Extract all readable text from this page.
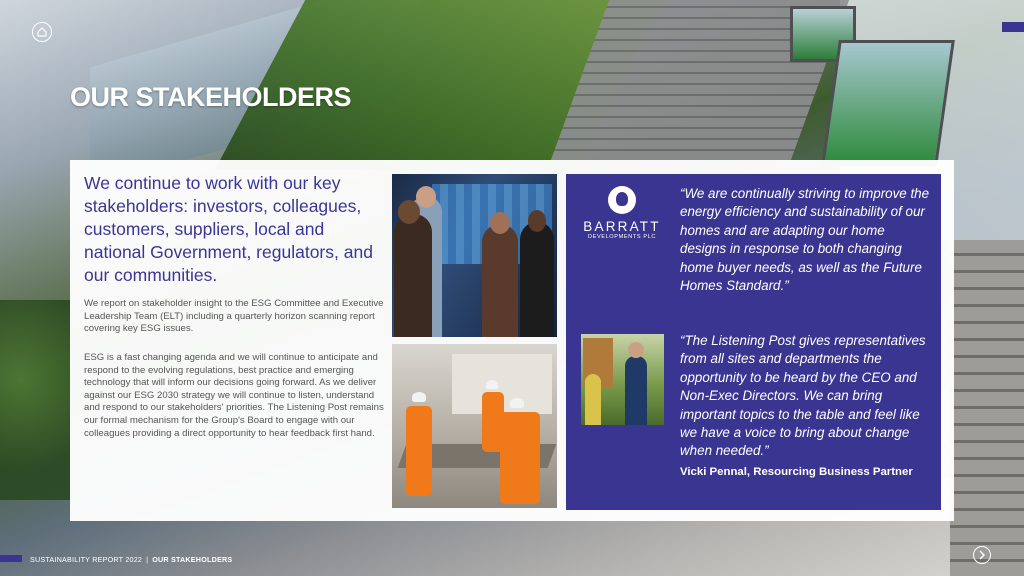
OUR STAKEHOLDERS

We continue to work with our key stakeholders: investors, colleagues, customers, suppliers, local and national Government, regulators, and our communities.

We report on stakeholder insight to the ESG Committee and Executive Leadership Team (ELT) including a quarterly horizon scanning report covering key ESG issues.

ESG is a fast changing agenda and we will continue to anticipate and respond to the evolving regulations, best practice and emerging technology that will inform our decisions going forward. As we deliver against our ESG 2030 strategy we will continue to listen, understand and respond to our stakeholders' priorities. The Listening Post remains our formal mechanism for the Group's Board to engage with our colleagues providing a direct opportunity to hear feedback first hand.

BARRATT

DEVELOPMENTS PLC

“We are continually striving to improve the energy efficiency and sustainability of our homes and are adapting our home designs in response to both changing home buyer needs, as well as the Future Homes Standard.”

“The Listening Post gives representatives from all sites and departments the opportunity to be heard by the CEO and Non-Exec Directors. We can bring important topics to the table and feel like we have a voice to bring about change when needed.”

Vicki Pennal, Resourcing Business Partner

SUSTAINABILITY REPORT 2022 | OUR STAKEHOLDERS
